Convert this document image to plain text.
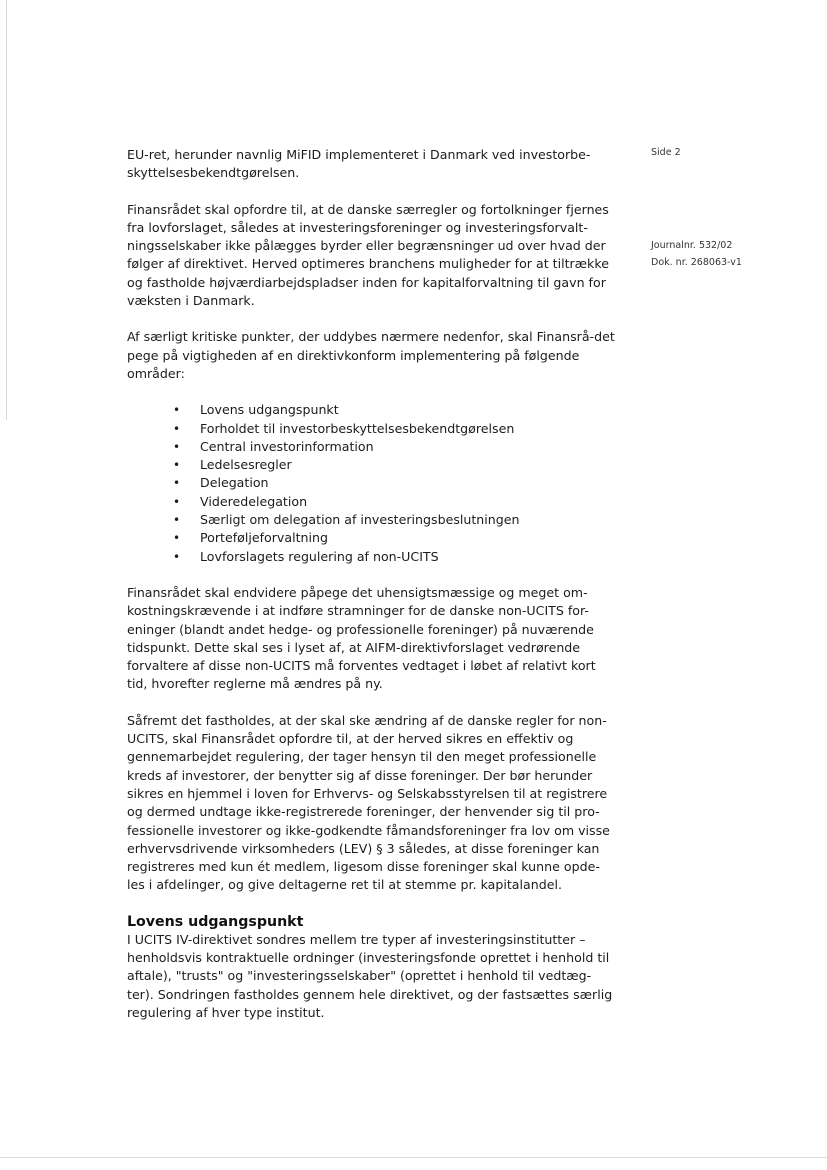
Side 2
Journalnr. 532/02
Dok. nr. 268063-v1

EU-ret, herunder navnlig MiFID implementeret i Danmark ved investorbe-skyttelsesbekendtgørelsen.

Finansrådet skal opfordre til, at de danske særregler og fortolkninger fjernes fra lovforslaget, således at investeringsforeninger og investeringsforvalt-ningsselskaber ikke pålægges byrder eller begrænsninger ud over hvad der følger af direktivet. Herved optimeres branchens muligheder for at tiltrække og fastholde højværdiarbejdspladser inden for kapitalforvaltning til gavn for væksten i Danmark.

Af særligt kritiske punkter, der uddybes nærmere nedenfor, skal Finansrå-det pege på vigtigheden af en direktivkonform implementering på følgende områder:

• Lovens udgangspunkt
• Forholdet til investorbeskyttelsesbekendtgørelsen
• Central investorinformation
• Ledelsesregler
• Delegation
• Videredelegation
• Særligt om delegation af investeringsbeslutningen
• Porteføljeforvaltning
• Lovforslagets regulering af non-UCITS

Finansrådet skal endvidere påpege det uhensigtsmæssige og meget om-kostningskrævende i at indføre stramninger for de danske non-UCITS for-eninger (blandt andet hedge- og professionelle foreninger) på nuværende tidspunkt. Dette skal ses i lyset af, at AIFM-direktivforslaget vedrørende forvaltere af disse non-UCITS må forventes vedtaget i løbet af relativt kort tid, hvorefter reglerne må ændres på ny.

Såfremt det fastholdes, at der skal ske ændring af de danske regler for non-UCITS, skal Finansrådet opfordre til, at der herved sikres en effektiv og gennemarbejdet regulering, der tager hensyn til den meget professionelle kreds af investorer, der benytter sig af disse foreninger. Der bør herunder sikres en hjemmel i loven for Erhvervs- og Selskabsstyrelsen til at registrere og dermed undtage ikke-registrerede foreninger, der henvender sig til pro-fessionelle investorer og ikke-godkendte fåmandsforeninger fra lov om visse erhvervsdrivende virksomheders (LEV) § 3 således, at disse foreninger kan registreres med kun ét medlem, ligesom disse foreninger skal kunne opde-les i afdelinger, og give deltagerne ret til at stemme pr. kapitalandel.

Lovens udgangspunkt

I UCITS IV-direktivet sondres mellem tre typer af investeringsinstitutter – henholdsvis kontraktuelle ordninger (investeringsfonde oprettet i henhold til aftale), "trusts" og "investeringsselskaber" (oprettet i henhold til vedtæg-ter). Sondringen fastholdes gennem hele direktivet, og der fastsættes særlig regulering af hver type institut.
